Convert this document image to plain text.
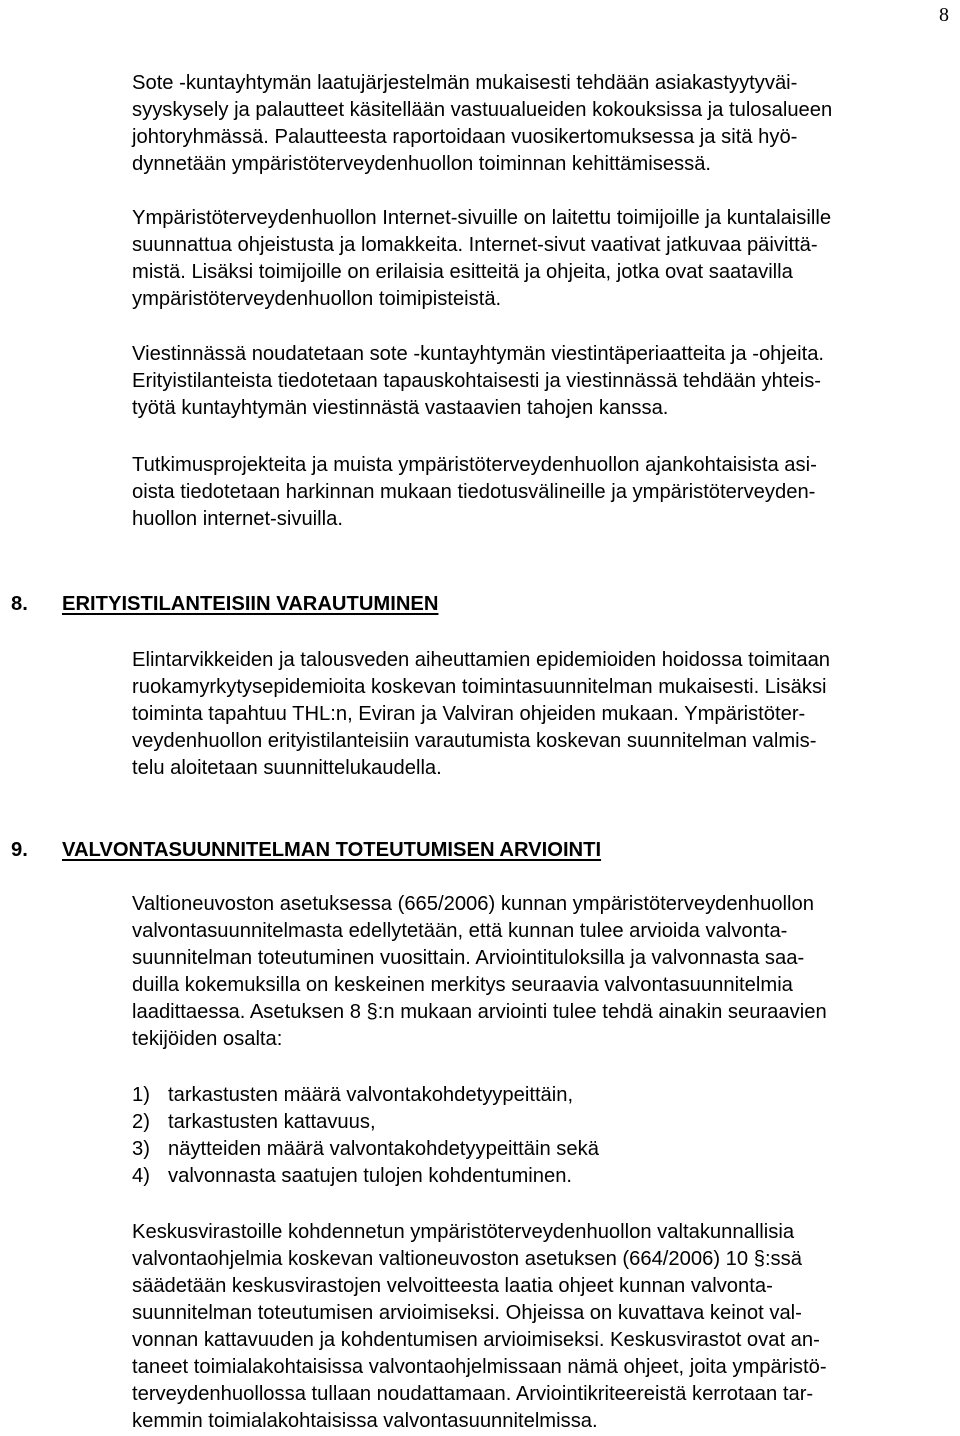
8
Sote -kuntayhtymän laatujärjestelmän mukaisesti tehdään asiakastyytyväi-
syyskysely ja palautteet käsitellään vastuualueiden kokouksissa ja tulosalueen
johtoryhmässä. Palautteesta raportoidaan vuosikertomuksessa ja sitä hyö-
dynnetään ympäristöterveydenhuollon toiminnan kehittämisessä.
Ympäristöterveydenhuollon Internet-sivuille on laitettu toimijoille ja kuntalaisille
suunnattua ohjeistusta ja lomakkeita. Internet-sivut vaativat jatkuvaa päivittä-
mistä. Lisäksi toimijoille on erilaisia esitteitä ja ohjeita, jotka ovat saatavilla
ympäristöterveydenhuollon toimipisteistä.
Viestinnässä noudatetaan sote -kuntayhtymän viestintäperiaatteita ja -ohjeita.
Erityistilanteista tiedotetaan tapauskohtaisesti ja viestinnässä tehdään yhteis-
työtä kuntayhtymän viestinnästä vastaavien tahojen kanssa.
Tutkimusprojekteita ja muista ympäristöterveydenhuollon ajankohtaisista asi-
oista tiedotetaan harkinnan mukaan tiedotusvälineille ja ympäristöterveyden-
huollon internet-sivuilla.
8. ERITYISTILANTEISIIN VARAUTUMINEN
Elintarvikkeiden ja talousveden aiheuttamien epidemioiden hoidossa toimitaan
ruokamyrkytysepidemioita koskevan toimintasuunnitelman mukaisesti. Lisäksi
toiminta tapahtuu THL:n, Eviran ja Valviran ohjeiden mukaan. Ympäristöter-
veydenhuollon erityistilanteisiin varautumista koskevan suunnitelman valmis-
telu aloitetaan suunnittelukaudella.
9. VALVONTASUUNNITELMAN TOTEUTUMISEN ARVIOINTI
Valtioneuvoston asetuksessa (665/2006) kunnan ympäristöterveydenhuollon
valvontasuunnitelmasta edellytetään, että kunnan tulee arvioida valvonta-
suunnitelman toteutuminen vuosittain. Arviointituloksilla ja valvonnasta saa-
duilla kokemuksilla on keskeinen merkitys seuraavia valvontasuunnitelmia
laadittaessa. Asetuksen 8 §:n mukaan arviointi tulee tehdä ainakin seuraavien
tekijöiden osalta:
1) tarkastusten määrä valvontakohdetyypeittäin,
2) tarkastusten kattavuus,
3) näytteiden määrä valvontakohdetyypeittäin sekä
4) valvonnasta saatujen tulojen kohdentuminen.
Keskusvirastoille kohdennetun ympäristöterveydenhuollon valtakunnallisia
valvontaohjelmia koskevan valtioneuvoston asetuksen (664/2006) 10 §:ssä
säädetään keskusvirastojen velvoitteesta laatia ohjeet kunnan valvonta-
suunnitelman toteutumisen arvioimiseksi. Ohjeissa on kuvattava keinot val-
vonnan kattavuuden ja kohdentumisen arvioimiseksi. Keskusvirastot ovat an-
taneet toimialakohtaisissa valvontaohjelmissaan nämä ohjeet, joita ympäristö-
terveydenhuollossa tullaan noudattamaan. Arviointikriteereistä kerrotaan tar-
kemmin toimialakohtaisissa valvontasuunnitelmissa.
